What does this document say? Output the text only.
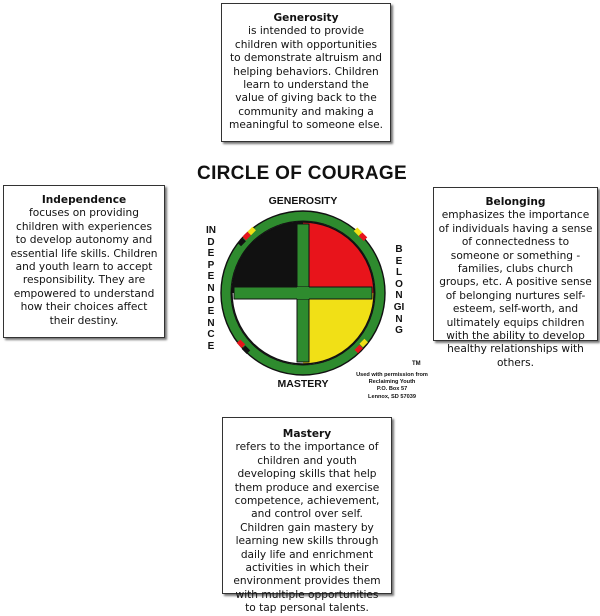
Generosity
is intended to provide children with opportunities to demonstrate altruism and helping behaviors. Children learn to understand the value of giving back to the community and making a meaningful to someone else.
CIRCLE OF COURAGE
Independence
focuses on providing children with experiences to develop autonomy and essential life skills. Children and youth learn to accept responsibility. They are empowered to understand how their choices affect their destiny.
Belonging
emphasizes the importance of individuals having a sense of connectedness to someone or something - families, clubs church groups, etc. A positive sense of belonging nurtures self-esteem, self-worth, and ultimately equips children with the ability to develop healthy relationships with others.
GENEROSITY
INDEPENDENCE
BELONGING
MASTERY
TM
Used with permission from
Reclaiming Youth
P.O. Box 57
Lennox, SD 57039
Mastery
refers to the importance of children and youth developing skills that help them produce and exercise competence, achievement, and control over self. Children gain mastery by learning new skills through daily life and enrichment activities in which their environment provides them with multiple opportunities to tap personal talents.
